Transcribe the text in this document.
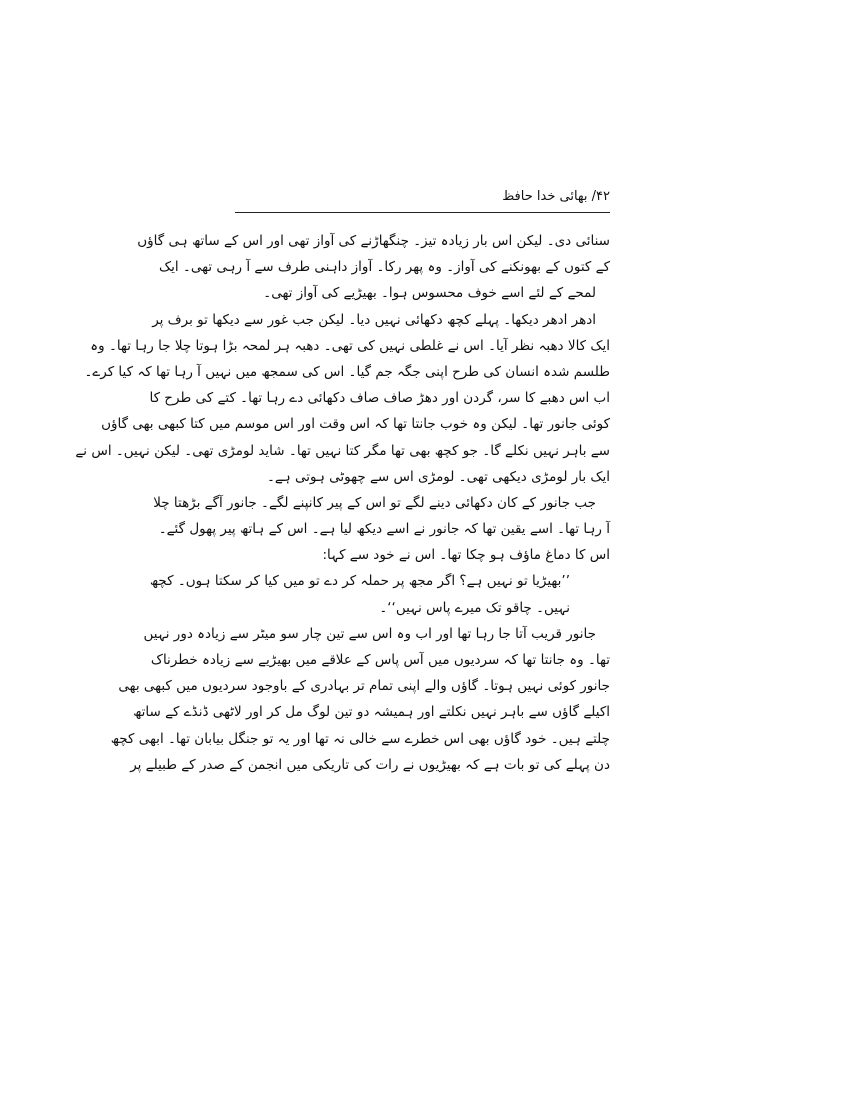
۴۲/ بھائی خدا حافظ
سنائی دی۔ لیکن اس بار زیادہ تیز۔ چنگھاڑنے کی آواز تھی اور اس کے ساتھ ہی گاؤں
کے کتوں کے بھونکنے کی آواز۔ وہ پھر رکا۔ آواز داہنی طرف سے آ رہی تھی۔ ایک
لمحے کے لئے اسے خوف محسوس ہوا۔ بھیڑیے کی آواز تھی۔
ادھر ادھر دیکھا۔ پہلے کچھ دکھائی نہیں دیا۔ لیکن جب غور سے دیکھا تو برف پر
ایک کالا دھبہ نظر آیا۔ اس نے غلطی نہیں کی تھی۔ دھبہ ہر لمحہ بڑا ہوتا چلا جا رہا تھا۔ وہ
طلسم شدہ انسان کی طرح اپنی جگہ جم گیا۔ اس کی سمجھ میں نہیں آ رہا تھا کہ کیا کرے۔
اب اس دھبے کا سر، گردن اور دھڑ صاف صاف دکھائی دے رہا تھا۔ کتے کی طرح کا
کوئی جانور تھا۔ لیکن وہ خوب جانتا تھا کہ اس وقت اور اس موسم میں کتا کبھی بھی گاؤں
سے باہر نہیں نکلے گا۔ جو کچھ بھی تھا مگر کتا نہیں تھا۔ شاید لومڑی تھی۔ لیکن نہیں۔ اس نے
ایک بار لومڑی دیکھی تھی۔ لومڑی اس سے چھوٹی ہوتی ہے۔
جب جانور کے کان دکھائی دینے لگے تو اس کے پیر کانپنے لگے۔ جانور آگے بڑھتا چلا
آ رہا تھا۔ اسے یقین تھا کہ جانور نے اسے دیکھ لیا ہے۔ اس کے ہاتھ پیر پھول گئے۔
اس کا دماغ ماؤف ہو چکا تھا۔ اس نے خود سے کہا:
’’بھیڑیا تو نہیں ہے؟ اگر مجھ پر حملہ کر دے تو میں کیا کر سکتا ہوں۔ کچھ
نہیں۔ چاقو تک میرے پاس نہیں‘‘۔
جانور قریب آتا جا رہا تھا اور اب وہ اس سے تین چار سو میٹر سے زیادہ دور نہیں
تھا۔ وہ جانتا تھا کہ سردیوں میں آس پاس کے علاقے میں بھیڑیے سے زیادہ خطرناک
جانور کوئی نہیں ہوتا۔ گاؤں والے اپنی تمام تر بہادری کے باوجود سردیوں میں کبھی بھی
اکیلے گاؤں سے باہر نہیں نکلتے اور ہمیشہ دو تین لوگ مل کر اور لاٹھی ڈنڈے کے ساتھ
چلتے ہیں۔ خود گاؤں بھی اس خطرے سے خالی نہ تھا اور یہ تو جنگل بیابان تھا۔ ابھی کچھ
دن پہلے کی تو بات ہے کہ بھیڑیوں نے رات کی تاریکی میں انجمن کے صدر کے طبیلے پر
